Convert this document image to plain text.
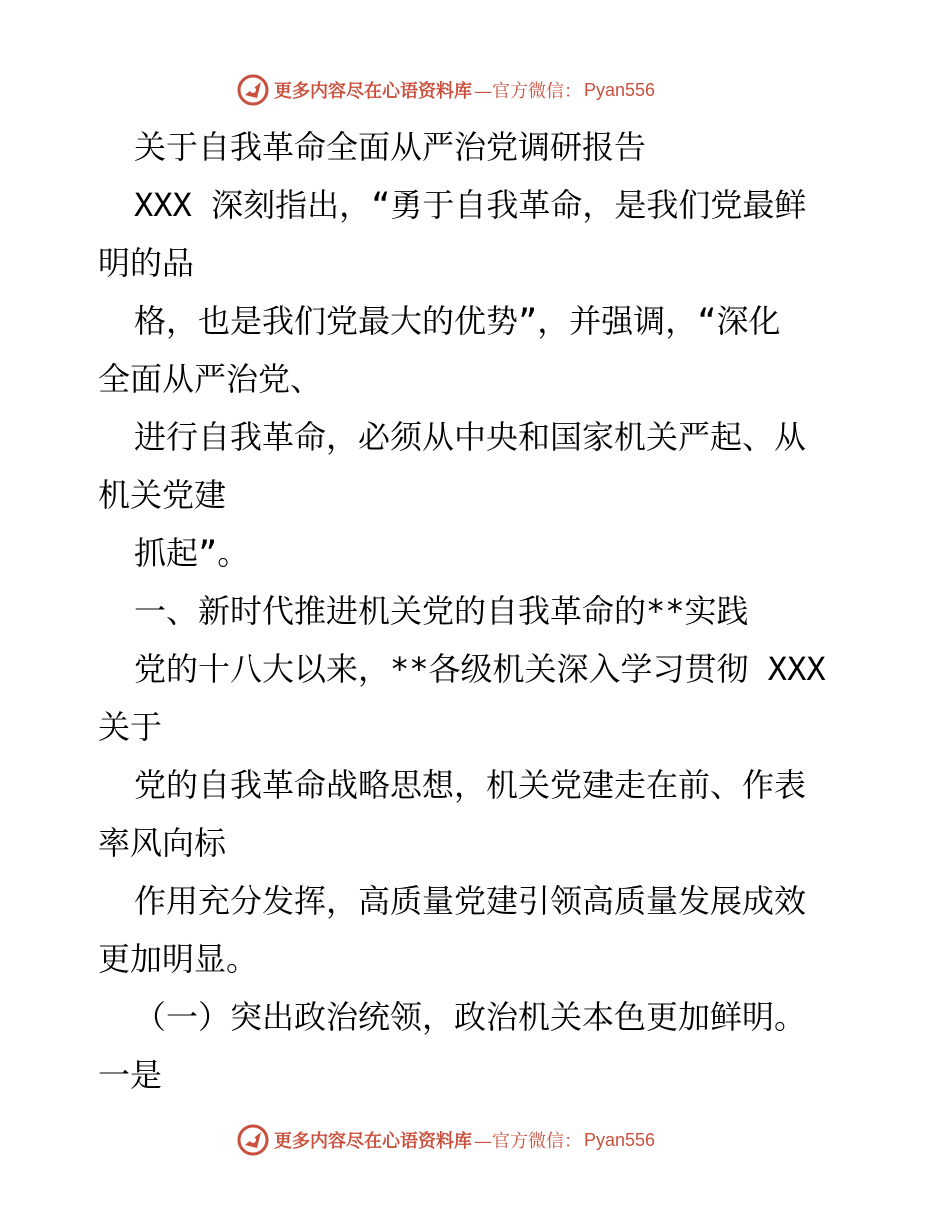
更多内容尽在心语资料库 —官方微信： Pyan556
关于自我革命全面从严治党调研报告
XXX 深刻指出，“勇于自我革命，是我们党最鲜
明的品
格，也是我们党最大的优势”，并强调，“深化
全面从严治党、
进行自我革命，必须从中央和国家机关严起、从
机关党建
抓起”。
一、新时代推进机关党的自我革命的**实践
党的十八大以来，**各级机关深入学习贯彻 XXX
关于
党的自我革命战略思想，机关党建走在前、作表
率风向标
作用充分发挥，高质量党建引领高质量发展成效
更加明显。
（一）突出政治统领，政治机关本色更加鲜明。
一是
更多内容尽在心语资料库 —官方微信： Pyan556
